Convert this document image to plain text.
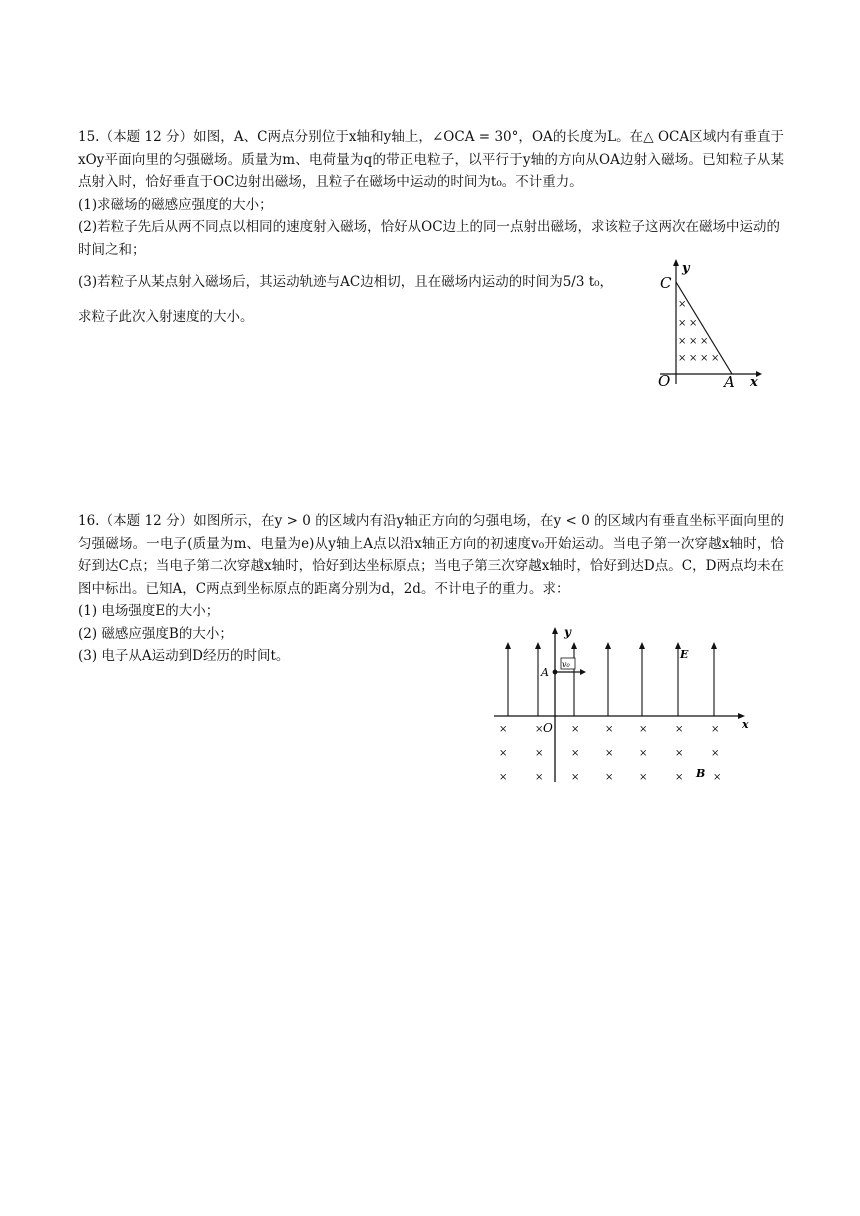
15.（本题 12 分）如图，A、C两点分别位于x轴和y轴上，∠OCA = 30°，OA的长度为L。在△ OCA区域内有垂直于xOy平面向里的匀强磁场。质量为m、电荷量为q的带正电粒子，以平行于y轴的方向从OA边射入磁场。已知粒子从某点射入时，恰好垂直于OC边射出磁场，且粒子在磁场中运动的时间为t₀。不计重力。

(1)求磁场的磁感应强度的大小；

(2)若粒子先后从两不同点以相同的速度射入磁场，恰好从OC边上的同一点射出磁场，求该粒子这两次在磁场中运动的时间之和；

(3)若粒子从某点射入磁场后，其运动轨迹与AC边相切，且在磁场内运动的时间为5/3 t₀，

求粒子此次入射速度的大小。

C
y
O	A x
×
× ×
× × ×
× × × ×

16.（本题 12 分）如图所示，在y > 0 的区域内有沿y轴正方向的匀强电场，在y < 0 的区域内有垂直坐标平面向里的匀强磁场。一电子(质量为m、电量为e)从y轴上A点以沿x轴正方向的初速度v₀开始运动。当电子第一次穿越x轴时，恰好到达C点；当电子第二次穿越x轴时，恰好到达坐标原点；当电子第三次穿越x轴时，恰好到达D点。C，D两点均未在图中标出。已知A，C两点到坐标原点的距离分别为d，2d。不计电子的重力。求：

(1) 电场强度E的大小；

(2) 磁感应强度B的大小；

(3) 电子从A运动到D经历的时间t。

y
x
O
A
v₀
E
B
×	×	×	×	×	×	×
×	×	×	×	×	×	×
×	×	×	×	×	×	×
